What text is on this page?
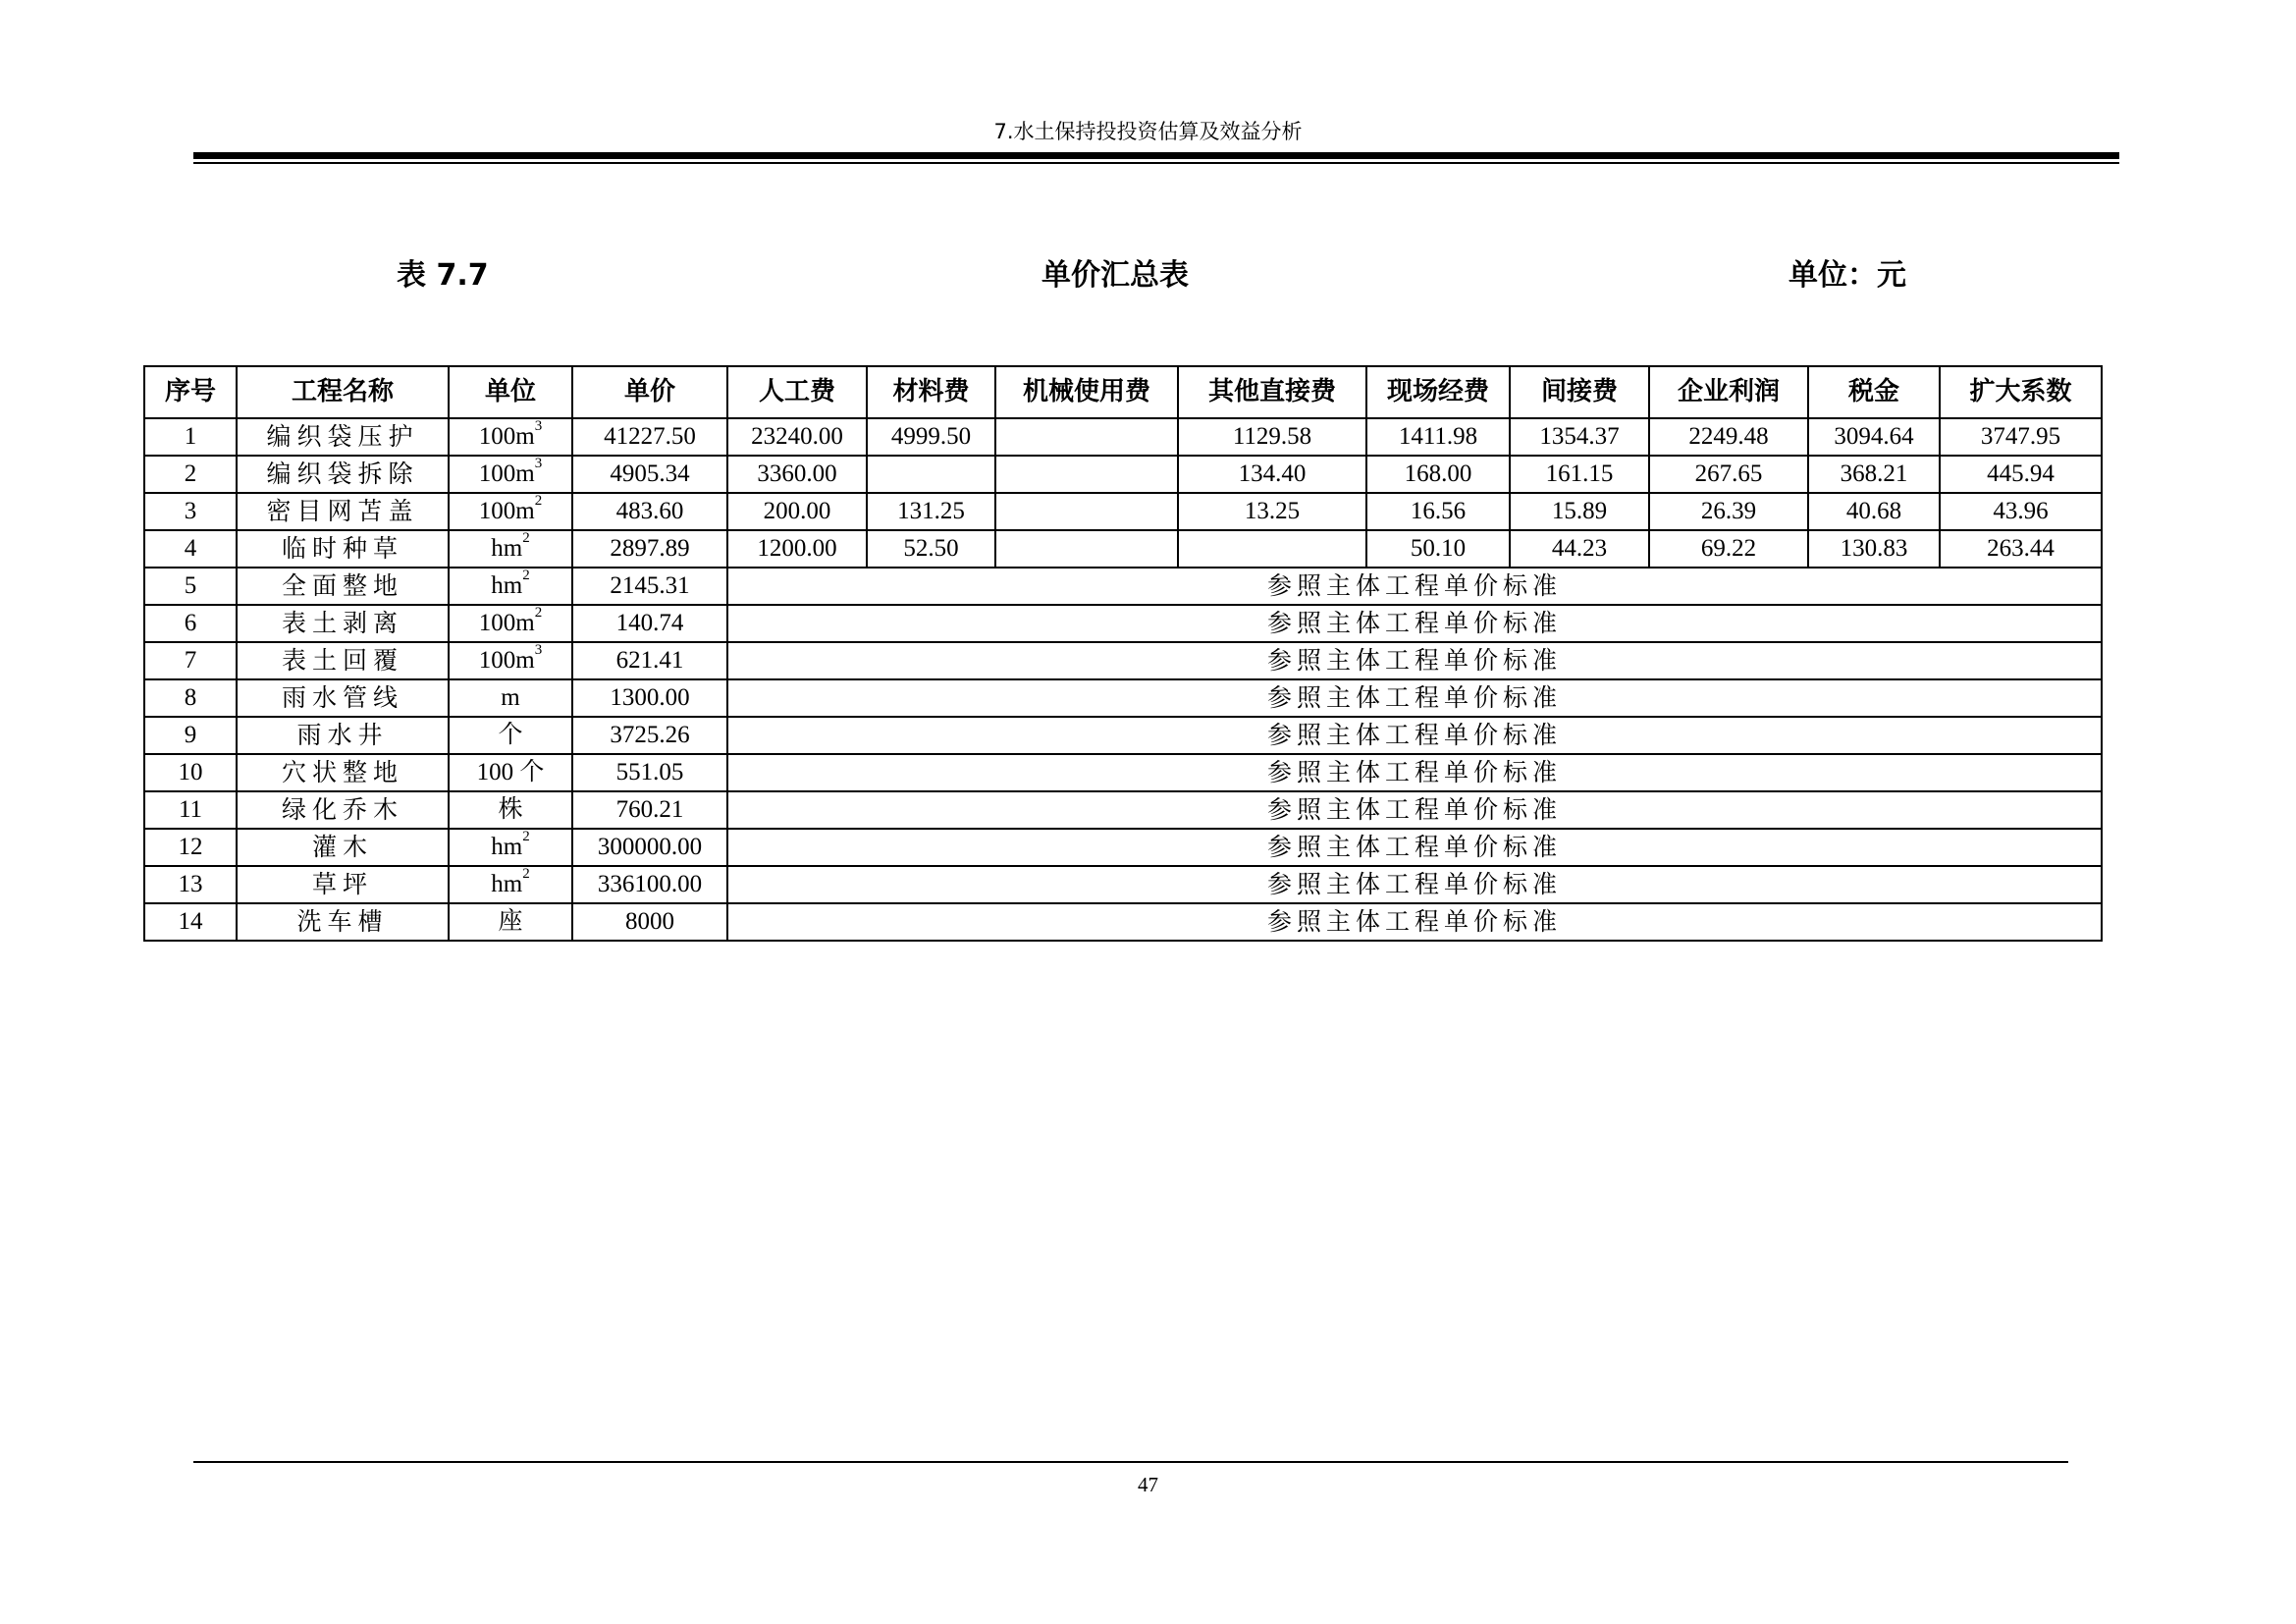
7.水土保持投投资估算及效益分析
表 7.7	单价汇总表	单位：元
序号	工程名称	单位	单价	人工费	材料费	机械使用费	其他直接费	现场经费	间接费	企业利润	税金	扩大系数
1	编织袋压护	$100m^3$	41227.50	23240.00	4999.50		1129.58	1411.98	1354.37	2249.48	3094.64	3747.95
2	编织袋拆除	$100m^3$	4905.34	3360.00			134.40	168.00	161.15	267.65	368.21	445.94
3	密目网苫盖	$100m^2$	483.60	200.00	131.25		13.25	16.56	15.89	26.39	40.68	43.96
4	临时种草	$hm^2$	2897.89	1200.00	52.50			50.10	44.23	69.22	130.83	263.44
5	全面整地	$hm^2$	2145.31	参照主体工程单价标准								
6	表土剥离	$100m^2$	140.74	参照主体工程单价标准								
7	表土回覆	$100m^3$	621.41	参照主体工程单价标准								
8	雨水管线	m	1300.00	参照主体工程单价标准								
9	雨水井	个	3725.26	参照主体工程单价标准								
10	穴状整地	100 个	551.05	参照主体工程单价标准								
11	绿化乔木	株	760.21	参照主体工程单价标准								
12	灌木	$hm^2$	300000.00	参照主体工程单价标准								
13	草坪	$hm^2$	336100.00	参照主体工程单价标准								
14	洗车槽	座	8000	参照主体工程单价标准								
47
